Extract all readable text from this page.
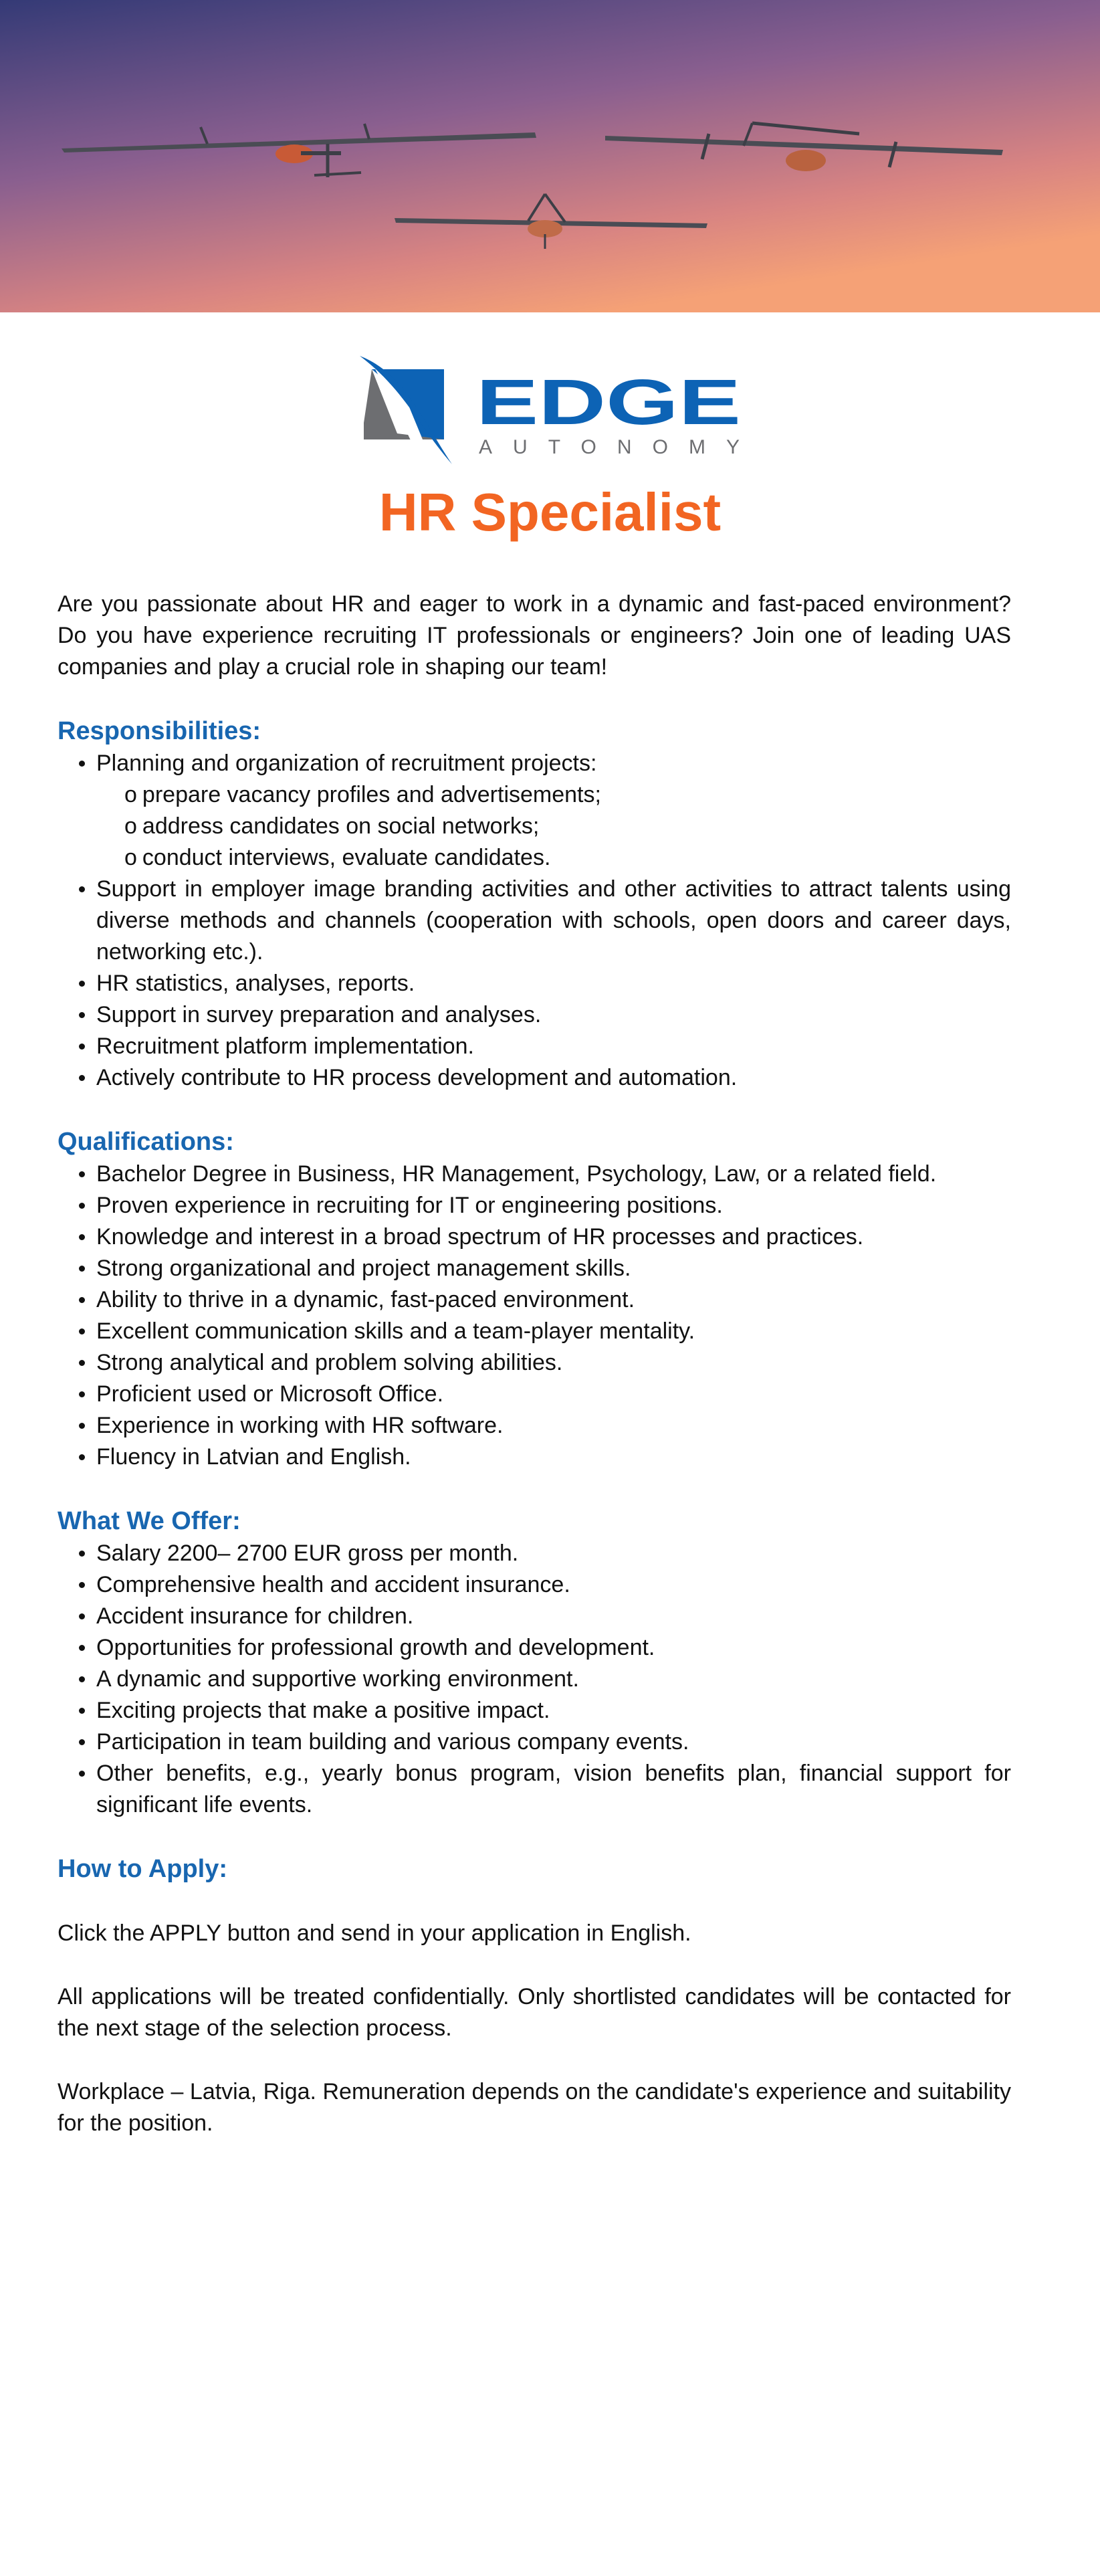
EDGE
AUTONOMY
HR Specialist

Are you passionate about HR and eager to work in a dynamic and fast-paced environment? Do you have experience recruiting IT professionals or engineers? Join one of leading UAS companies and play a crucial role in shaping our team!

Responsibilities:
Planning and organization of recruitment projects:
o prepare vacancy profiles and advertisements;
o address candidates on social networks;
o conduct interviews, evaluate candidates.
Support in employer image branding activities and other activities to attract talents using diverse methods and channels (cooperation with schools, open doors and career days, networking etc.).
HR statistics, analyses, reports.
Support in survey preparation and analyses.
Recruitment platform implementation.
Actively contribute to HR process development and automation.
Qualifications:
Bachelor Degree in Business, HR Management, Psychology, Law, or a related field.
Proven experience in recruiting for IT or engineering positions.
Knowledge and interest in a broad spectrum of HR processes and practices.
Strong organizational and project management skills.
Ability to thrive in a dynamic, fast-paced environment.
Excellent communication skills and a team-player mentality.
Strong analytical and problem solving abilities.
Proficient used or Microsoft Office.
Experience in working with HR software.
Fluency in Latvian and English.
What We Offer:
Salary 2200– 2700 EUR gross per month.
Comprehensive health and accident insurance.
Accident insurance for children.
Opportunities for professional growth and development.
A dynamic and supportive working environment.
Exciting projects that make a positive impact.
Participation in team building and various company events.
Other benefits, e.g., yearly bonus program, vision benefits plan, financial support for significant life events.
How to Apply:

Click the APPLY button and send in your application in English.

All applications will be treated confidentially. Only shortlisted candidates will be contacted for the next stage of the selection process.

Workplace – Latvia, Riga. Remuneration depends on the candidate's experience and suitability for the position.
